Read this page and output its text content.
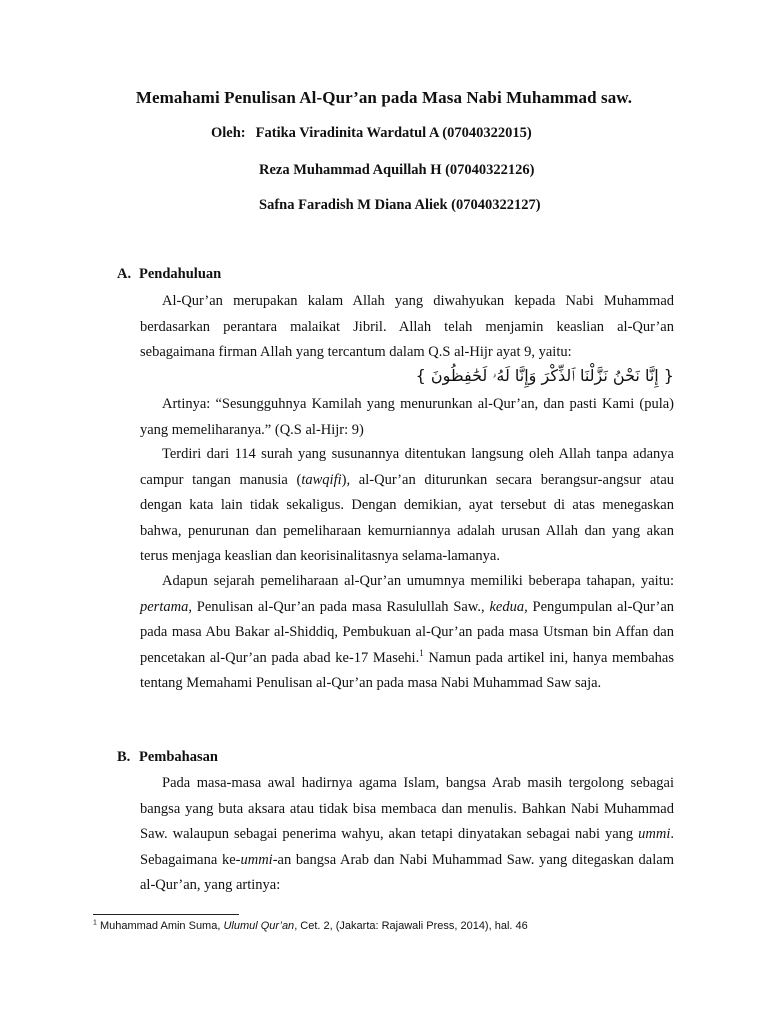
Memahami Penulisan Al-Qur’an pada Masa Nabi Muhammad saw.
Oleh: Fatika Viradinita Wardatul A (07040322015)
Reza Muhammad Aquillah H (07040322126)
Safna Faradish M Diana Aliek (07040322127)
A. Pendahuluan
Al-Qur’an merupakan kalam Allah yang diwahyukan kepada Nabi Muhammad berdasarkan perantara malaikat Jibril. Allah telah menjamin keaslian al-Qur’an sebagaimana firman Allah yang tercantum dalam Q.S al-Hijr ayat 9, yaitu:
{ إِنَّا نَحْنُ نَزَّلْنَا ٱلذِّكْرَ وَإِنَّا لَهُۥ لَحَٰفِظُونَ }
Artinya: “Sesungguhnya Kamilah yang menurunkan al-Qur’an, dan pasti Kami (pula) yang memeliharanya.” (Q.S al-Hijr: 9)
Terdiri dari 114 surah yang susunannya ditentukan langsung oleh Allah tanpa adanya campur tangan manusia (tawqifi), al-Qur’an diturunkan secara berangsur-angsur atau dengan kata lain tidak sekaligus. Dengan demikian, ayat tersebut di atas menegaskan bahwa, penurunan dan pemeliharaan kemurniannya adalah urusan Allah dan yang akan terus menjaga keaslian dan keorisinalitasnya selama-lamanya.
Adapun sejarah pemeliharaan al-Qur’an umumnya memiliki beberapa tahapan, yaitu: pertama, Penulisan al-Qur’an pada masa Rasulullah Saw., kedua, Pengumpulan al-Qur’an pada masa Abu Bakar al-Shiddiq, Pembukuan al-Qur’an pada masa Utsman bin Affan dan pencetakan al-Qur’an pada abad ke-17 Masehi.$^1$ Namun pada artikel ini, hanya membahas tentang Memahami Penulisan al-Qur’an pada masa Nabi Muhammad Saw saja.
B. Pembahasan
Pada masa-masa awal hadirnya agama Islam, bangsa Arab masih tergolong sebagai bangsa yang buta aksara atau tidak bisa membaca dan menulis. Bahkan Nabi Muhammad Saw. walaupun sebagai penerima wahyu, akan tetapi dinyatakan sebagai nabi yang ummi. Sebagaimana ke-ummi-an bangsa Arab dan Nabi Muhammad Saw. yang ditegaskan dalam al-Qur’an, yang artinya:
$^1$ Muhammad Amin Suma, Ulumul Qur’an, Cet. 2, (Jakarta: Rajawali Press, 2014), hal. 46
